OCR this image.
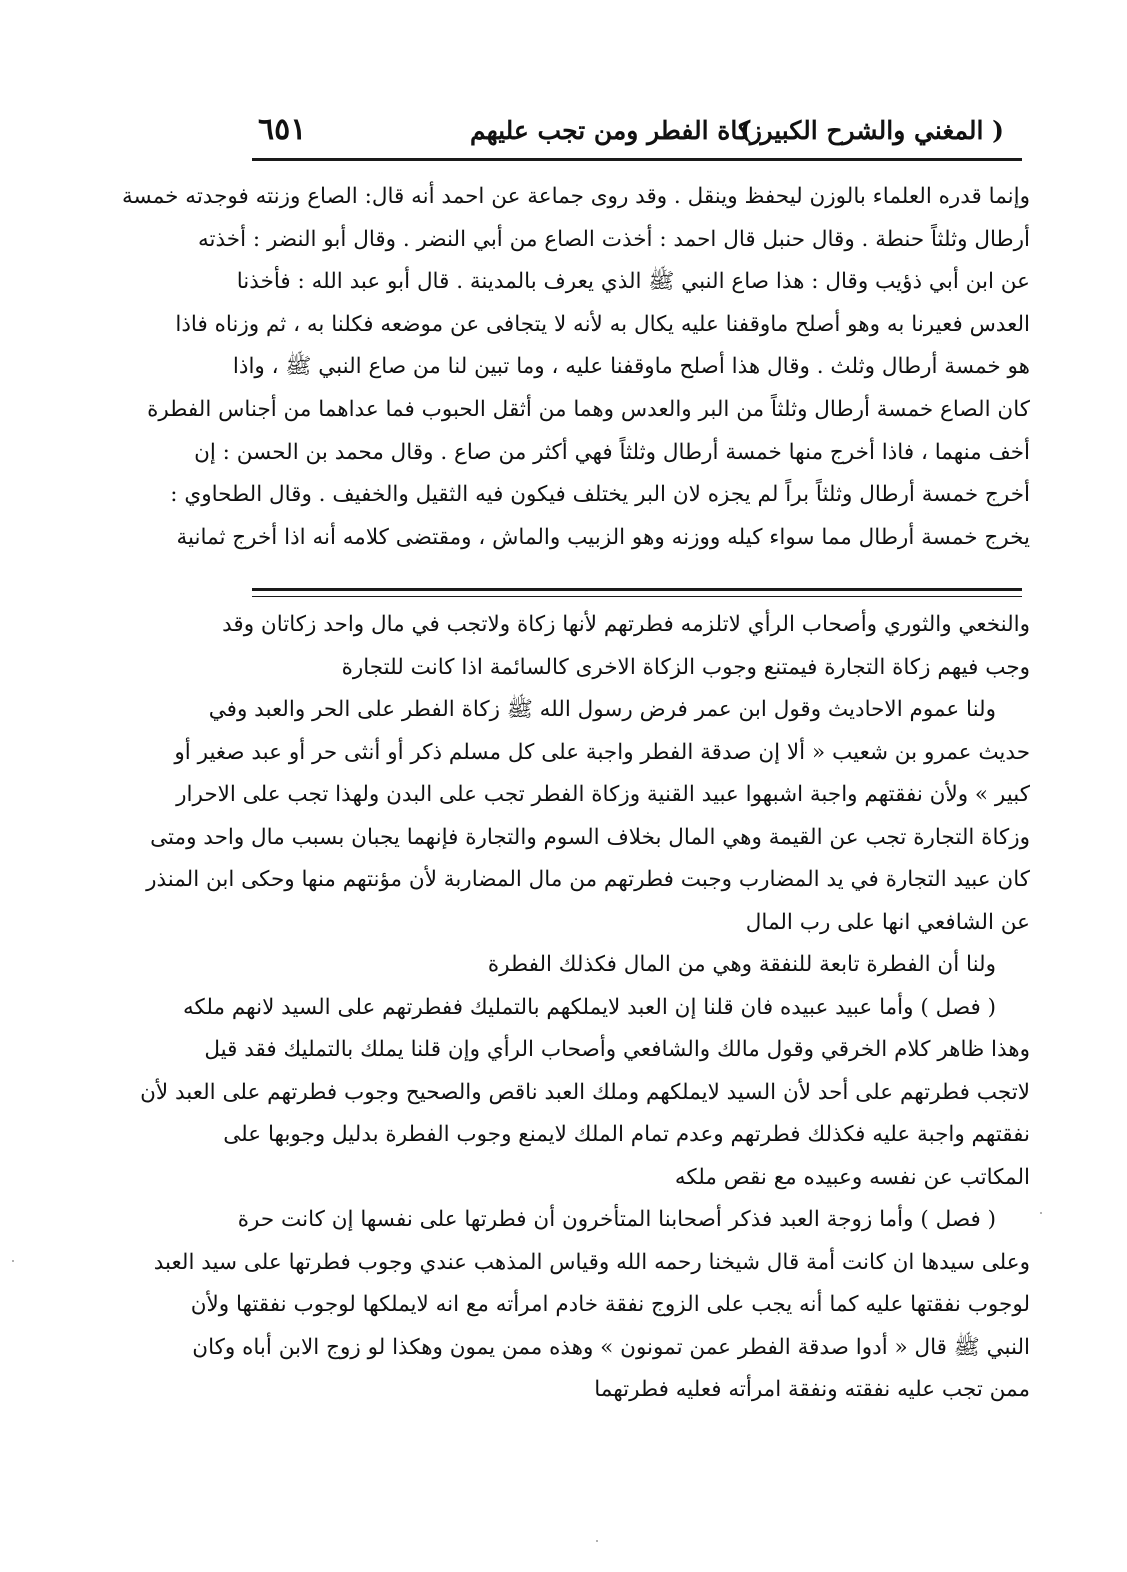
( المغني والشرح الكبير )
زكاة الفطر ومن تجب عليهم
٦٥١
وإنما قدره العلماء بالوزن ليحفظ وينقل . وقد روى جماعة عن احمد أنه قال: الصاع وزنته فوجدته خمسة
أرطال وثلثاً حنطة . وقال حنبل قال احمد : أخذت الصاع من أبي النضر . وقال أبو النضر : أخذته
عن ابن أبي ذؤيب وقال : هذا صاع النبي ﷺ الذي يعرف بالمدينة . قال أبو عبد الله : فأخذنا
العدس فعيرنا به وهو أصلح ماوقفنا عليه يكال به لأنه لا يتجافى عن موضعه فكلنا به ، ثم وزناه فاذا
هو خمسة أرطال وثلث . وقال هذا أصلح ماوقفنا عليه ، وما تبين لنا من صاع النبي ﷺ ، واذا
كان الصاع خمسة أرطال وثلثاً من البر والعدس وهما من أثقل الحبوب فما عداهما من أجناس الفطرة
أخف منهما ، فاذا أخرج منها خمسة أرطال وثلثاً فهي أكثر من صاع . وقال محمد بن الحسن : إن
أخرج خمسة أرطال وثلثاً براً لم يجزه لان البر يختلف فيكون فيه الثقيل والخفيف . وقال الطحاوي :
يخرج خمسة أرطال مما سواء كيله ووزنه وهو الزبيب والماش ، ومقتضى كلامه أنه اذا أخرج ثمانية
والنخعي والثوري وأصحاب الرأي لاتلزمه فطرتهم لأنها زكاة ولاتجب في مال واحد زكاتان وقد
وجب فيهم زكاة التجارة فيمتنع وجوب الزكاة الاخرى كالسائمة اذا كانت للتجارة
ولنا عموم الاحاديث وقول ابن عمر فرض رسول الله ﷺ زكاة الفطر على الحر والعبد وفي
حديث عمرو بن شعيب « ألا إن صدقة الفطر واجبة على كل مسلم ذكر أو أنثى حر أو عبد صغير أو
كبير » ولأن نفقتهم واجبة اشبهوا عبيد القنية وزكاة الفطر تجب على البدن ولهذا تجب على الاحرار
وزكاة التجارة تجب عن القيمة وهي المال بخلاف السوم والتجارة فإنهما يجبان بسبب مال واحد ومتى
كان عبيد التجارة في يد المضارب وجبت فطرتهم من مال المضاربة لأن مؤنتهم منها وحكى ابن المنذر
عن الشافعي انها على رب المال
ولنا أن الفطرة تابعة للنفقة وهي من المال فكذلك الفطرة
( فصل ) وأما عبيد عبيده فان قلنا إن العبد لايملكهم بالتمليك ففطرتهم على السيد لانهم ملكه
وهذا ظاهر كلام الخرقي وقول مالك والشافعي وأصحاب الرأي وإن قلنا يملك بالتمليك فقد قيل
لاتجب فطرتهم على أحد لأن السيد لايملكهم وملك العبد ناقص والصحيح وجوب فطرتهم على العبد لأن
نفقتهم واجبة عليه فكذلك فطرتهم وعدم تمام الملك لايمنع وجوب الفطرة بدليل وجوبها على
المكاتب عن نفسه وعبيده مع نقص ملكه
( فصل ) وأما زوجة العبد فذكر أصحابنا المتأخرون أن فطرتها على نفسها إن كانت حرة
وعلى سيدها ان كانت أمة قال شيخنا رحمه الله وقياس المذهب عندي وجوب فطرتها على سيد العبد
لوجوب نفقتها عليه كما أنه يجب على الزوج نفقة خادم امرأته مع انه لايملكها لوجوب نفقتها ولأن
النبي ﷺ قال « أدوا صدقة الفطر عمن تمونون » وهذه ممن يمون وهكذا لو زوج الابن أباه وكان
ممن تجب عليه نفقته ونفقة امرأته فعليه فطرتهما
